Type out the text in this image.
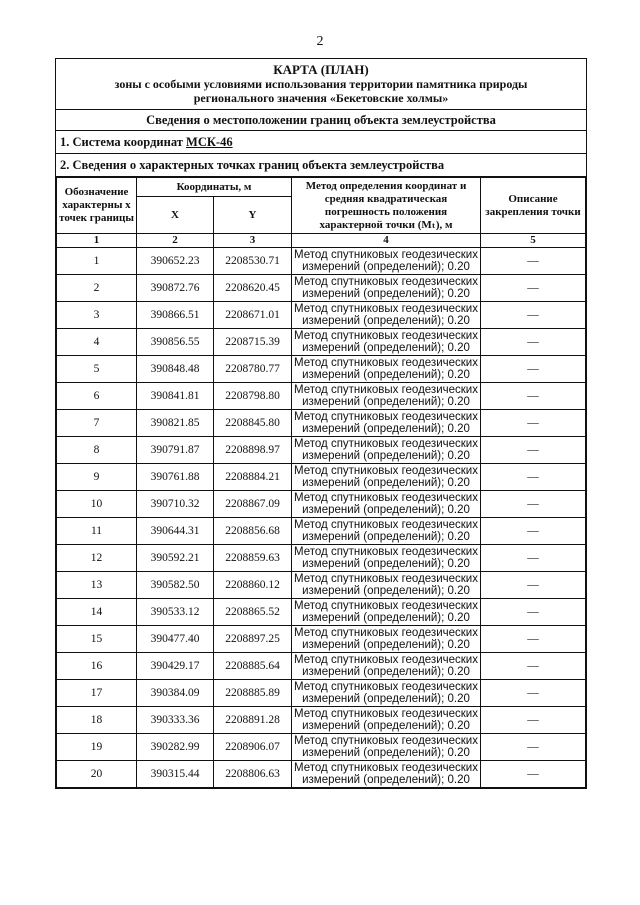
2
КАРТА (ПЛАН)
зоны с особыми условиями использования территории памятника природы
регионального значения «Бекетовские холмы»
Сведения о местоположении границ объекта землеустройства
1. Система координат МСК-46
2. Сведения о характерных точках границ объекта землеустройства
Обозначение характерны х точек границы	Координаты, м		Метод определения координат и средняя квадратическая погрешность положения характерной точки (Mₜ), м	Описание закрепления точки
	X	Y		
1	2	3	4	5
1	390652.23	2208530.71	Метод спутниковых геодезических измерений (определений); 0.20	—
2	390872.76	2208620.45	Метод спутниковых геодезических измерений (определений); 0.20	—
3	390866.51	2208671.01	Метод спутниковых геодезических измерений (определений); 0.20	—
4	390856.55	2208715.39	Метод спутниковых геодезических измерений (определений); 0.20	—
5	390848.48	2208780.77	Метод спутниковых геодезических измерений (определений); 0.20	—
6	390841.81	2208798.80	Метод спутниковых геодезических измерений (определений); 0.20	—
7	390821.85	2208845.80	Метод спутниковых геодезических измерений (определений); 0.20	—
8	390791.87	2208898.97	Метод спутниковых геодезических измерений (определений); 0.20	—
9	390761.88	2208884.21	Метод спутниковых геодезических измерений (определений); 0.20	—
10	390710.32	2208867.09	Метод спутниковых геодезических измерений (определений); 0.20	—
11	390644.31	2208856.68	Метод спутниковых геодезических измерений (определений); 0.20	—
12	390592.21	2208859.63	Метод спутниковых геодезических измерений (определений); 0.20	—
13	390582.50	2208860.12	Метод спутниковых геодезических измерений (определений); 0.20	—
14	390533.12	2208865.52	Метод спутниковых геодезических измерений (определений); 0.20	—
15	390477.40	2208897.25	Метод спутниковых геодезических измерений (определений); 0.20	—
16	390429.17	2208885.64	Метод спутниковых геодезических измерений (определений); 0.20	—
17	390384.09	2208885.89	Метод спутниковых геодезических измерений (определений); 0.20	—
18	390333.36	2208891.28	Метод спутниковых геодезических измерений (определений); 0.20	—
19	390282.99	2208906.07	Метод спутниковых геодезических измерений (определений); 0.20	—
20	390315.44	2208806.63	Метод спутниковых геодезических измерений (определений); 0.20	—
